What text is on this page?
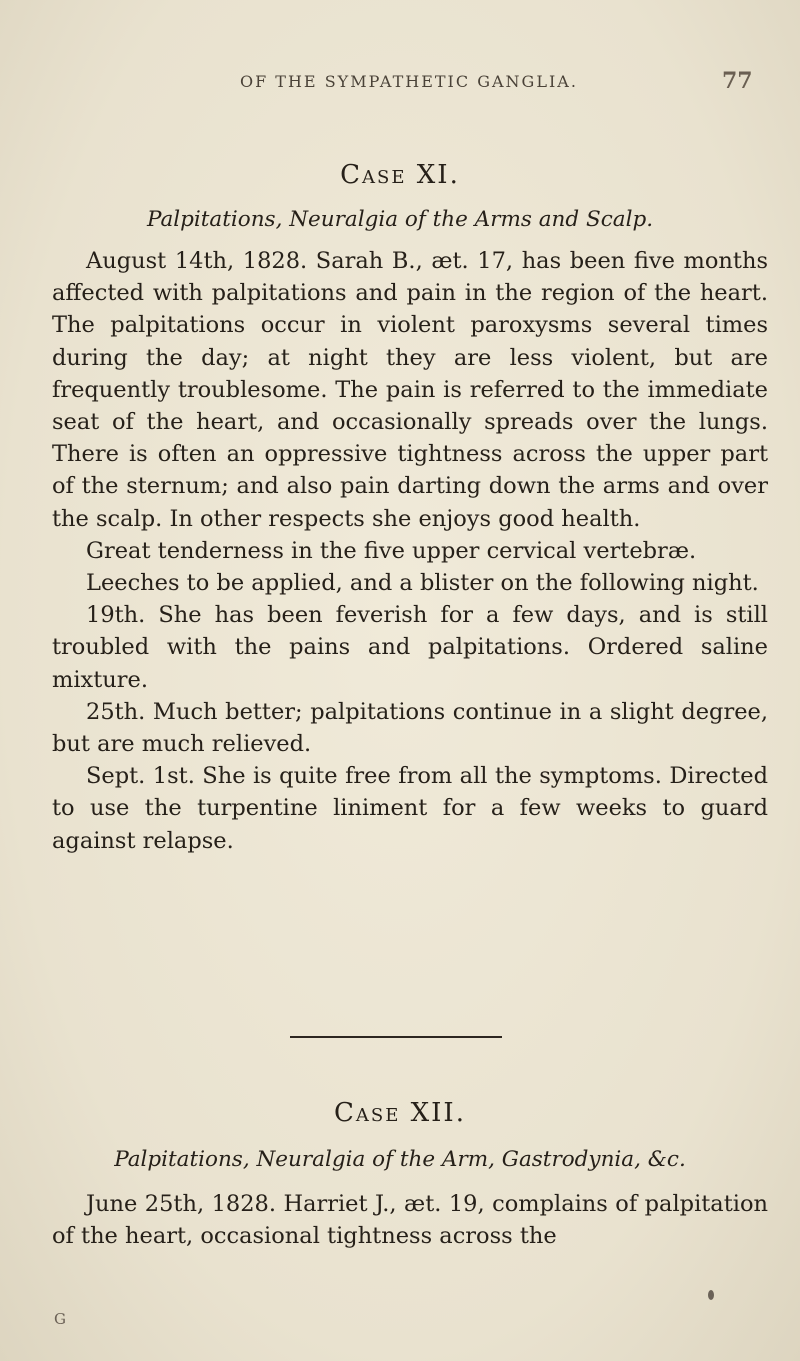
OF THE SYMPATHETIC GANGLIA.	77
Case XI.
Palpitations, Neuralgia of the Arms and Scalp.

August 14th, 1828. Sarah B., æt. 17, has been five months affected with palpitations and pain in the region of the heart. The palpitations occur in violent paroxysms several times during the day; at night they are less violent, but are frequently troublesome. The pain is referred to the immediate seat of the heart, and occasionally spreads over the lungs. There is often an oppressive tightness across the upper part of the sternum; and also pain darting down the arms and over the scalp. In other respects she enjoys good health.

Great tenderness in the five upper cervical vertebræ.

Leeches to be applied, and a blister on the following night.

19th. She has been feverish for a few days, and is still troubled with the pains and palpitations. Ordered saline mixture.

25th. Much better; palpitations continue in a slight degree, but are much relieved.

Sept. 1st. She is quite free from all the symptoms. Directed to use the turpentine liniment for a few weeks to guard against relapse.

Case XII.
Palpitations, Neuralgia of the Arm, Gastrodynia, &c.

June 25th, 1828. Harriet J., æt. 19, complains of palpitation of the heart, occasional tightness across the

G
